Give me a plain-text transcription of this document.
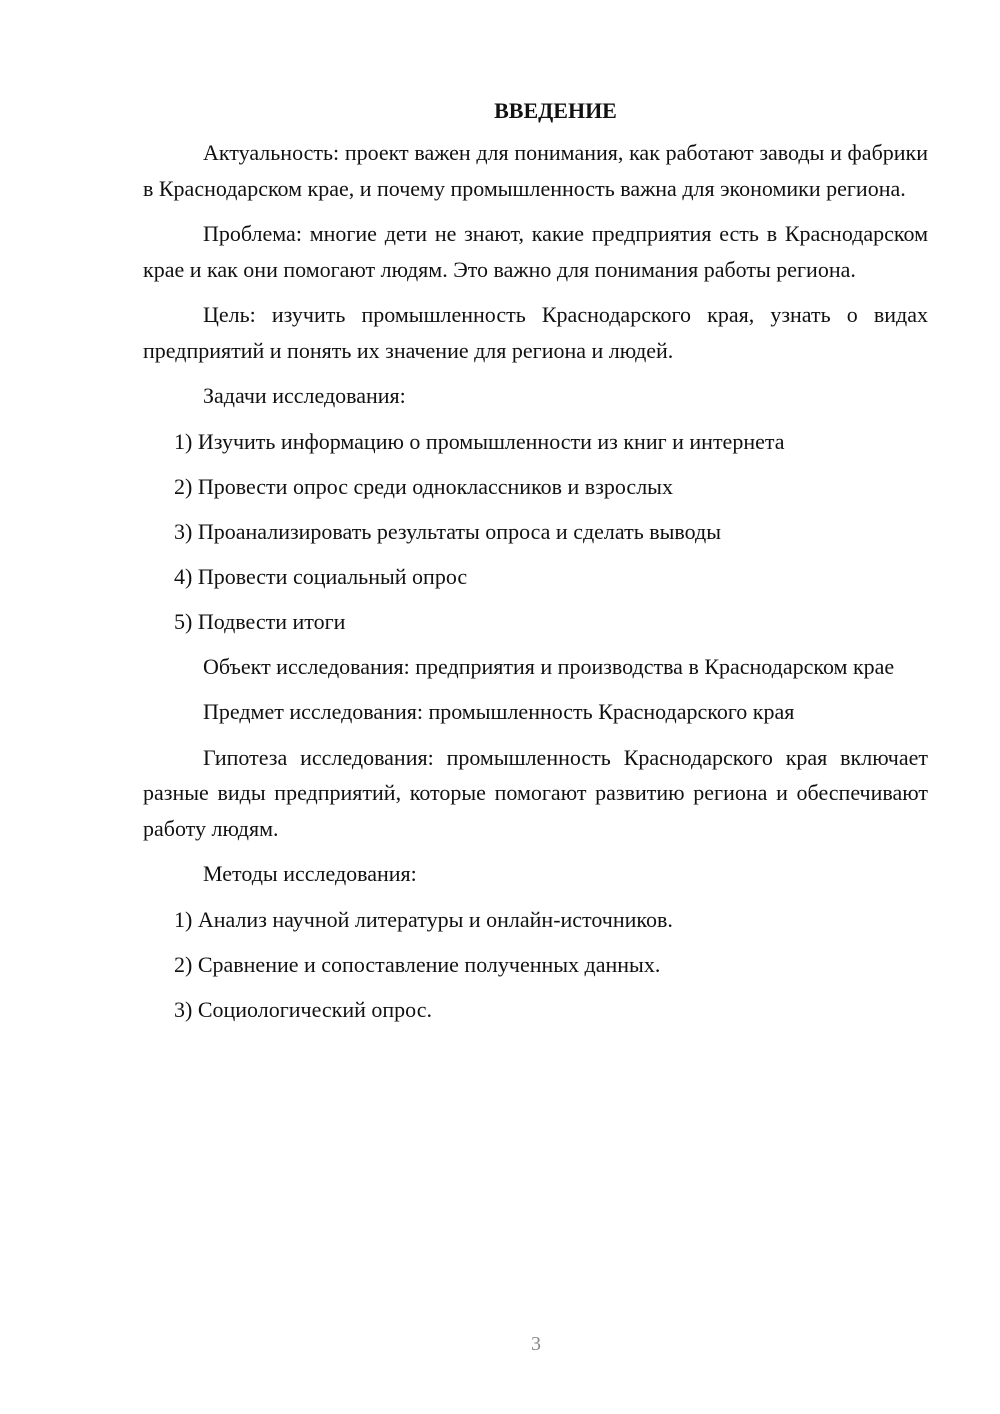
ВВЕДЕНИЕ

Актуальность: проект важен для понимания, как работают заводы и фабрики в Краснодарском крае, и почему промышленность важна для экономики региона.

Проблема: многие дети не знают, какие предприятия есть в Краснодарском крае и как они помогают людям. Это важно для понимания работы региона.

Цель: изучить промышленность Краснодарского края, узнать о видах предприятий и понять их значение для региона и людей.

Задачи исследования:

1) Изучить информацию о промышленности из книг и интернета
2) Провести опрос среди одноклассников и взрослых
3) Проанализировать результаты опроса и сделать выводы
4) Провести социальный опрос
5) Подвести итоги

Объект исследования: предприятия и производства в Краснодарском крае

Предмет исследования: промышленность Краснодарского края

Гипотеза исследования: промышленность Краснодарского края включает разные виды предприятий, которые помогают развитию региона и обеспечивают работу людям.

Методы исследования:

1) Анализ научной литературы и онлайн-источников.
2) Сравнение и сопоставление полученных данных.
3) Социологический опрос.
3
